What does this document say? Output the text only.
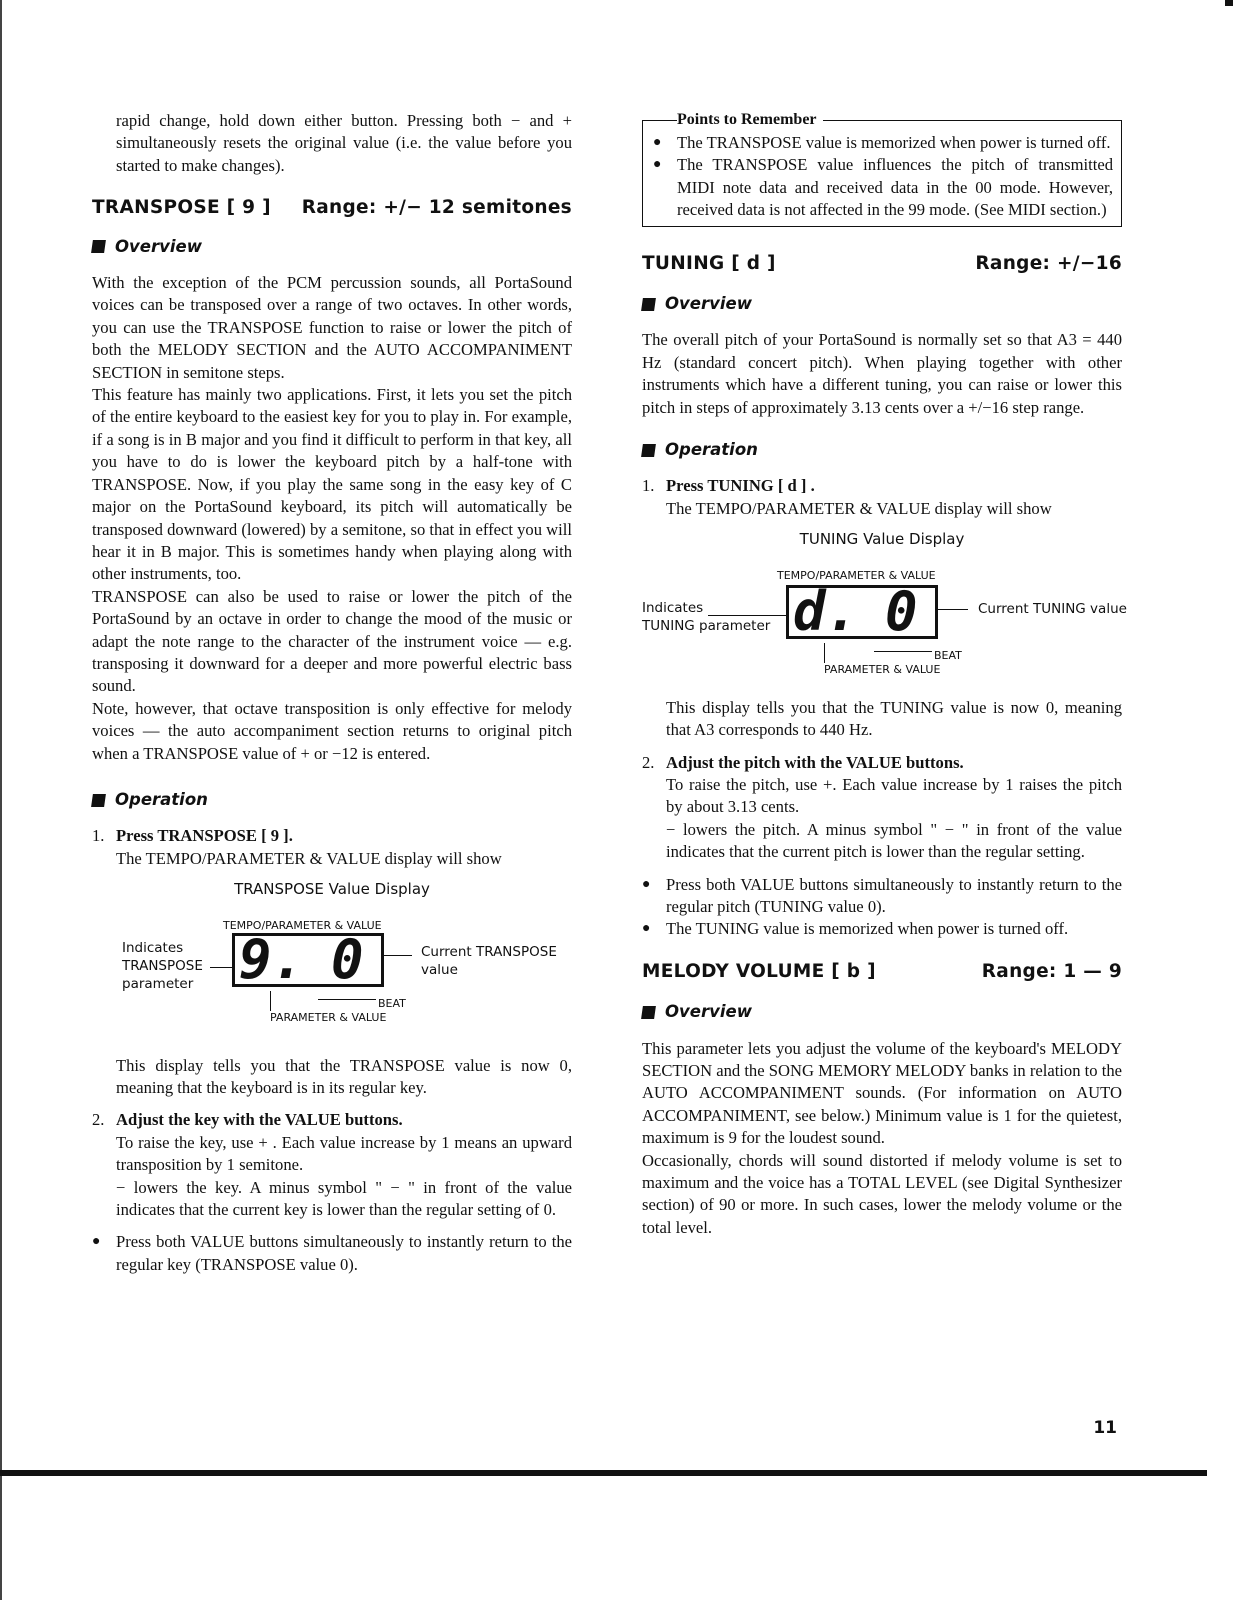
rapid change, hold down either button. Pressing both − and + simultaneously resets the original value (i.e. the value before you started to make changes).

TRANSPOSE [ 9 ] Range: +/− 12 semitones
Overview

With the exception of the PCM percussion sounds, all PortaSound voices can be transposed over a range of two octaves. In other words, you can use the TRANSPOSE function to raise or lower the pitch of both the MELODY SECTION and the AUTO ACCOMPANIMENT SECTION in semitone steps.

This feature has mainly two applications. First, it lets you set the pitch of the entire keyboard to the easiest key for you to play in. For example, if a song is in B major and you find it difficult to perform in that key, all you have to do is lower the keyboard pitch by a half-tone with TRANSPOSE. Now, if you play the same song in the easy key of C major on the PortaSound keyboard, its pitch will automatically be transposed downward (lowered) by a semitone, so that in effect you will hear it in B major. This is sometimes handy when playing along with other instruments, too.

TRANSPOSE can also be used to raise or lower the pitch of the PortaSound by an octave in order to change the mood of the music or adapt the note range to the character of the instrument voice — e.g. transposing it downward for a deeper and more powerful electric bass sound.

Note, however, that octave transposition is only effective for melody voices — the auto accompaniment section returns to original pitch when a TRANSPOSE value of + or −12 is entered.

Operation
1. Press TRANSPOSE [ 9 ].
The TEMPO/PARAMETER & VALUE display will show
TRANSPOSE Value Display
TEMPO/PARAMETER & VALUE
Indicates
TRANSPOSE
parameter 9. 0	Current TRANSPOSE
value
BEAT
PARAMETER & VALUE

This display tells you that the TRANSPOSE value is now 0, meaning that the keyboard is in its regular key.

2. Adjust the key with the VALUE buttons.
To raise the key, use + . Each value increase by 1 means an upward transposition by 1 semitone.
− lowers the key. A minus symbol " − " in front of the value indicates that the current key is lower than the regular setting of 0.
● Press both VALUE buttons simultaneously to instantly return to the regular key (TRANSPOSE value 0).
Points to Remember
● The TRANSPOSE value is memorized when power is turned off.
● The TRANSPOSE value influences the pitch of transmitted MIDI note data and received data in the 00 mode. However, received data is not affected in the 99 mode. (See MIDI section.)
TUNING [ d ]	Range: +/−16
Overview

The overall pitch of your PortaSound is normally set so that A3 = 440 Hz (standard concert pitch). When playing together with other instruments which have a different tuning, you can raise or lower this pitch in steps of approximately 3.13 cents over a +/−16 step range.

Operation
1. Press TUNING [ d ] .
The TEMPO/PARAMETER & VALUE display will show
TUNING Value Display
TEMPO/PARAMETER & VALUE
Indicates
TUNING parameter d. 0	Current TUNING value
BEAT
PARAMETER & VALUE

This display tells you that the TUNING value is now 0, meaning that A3 corresponds to 440 Hz.

2. Adjust the pitch with the VALUE buttons.
To raise the pitch, use +. Each value increase by 1 raises the pitch by about 3.13 cents.
− lowers the pitch. A minus symbol " − " in front of the value indicates that the current pitch is lower than the regular setting.
● Press both VALUE buttons simultaneously to instantly return to the regular pitch (TUNING value 0).
● The TUNING value is memorized when power is turned off.
MELODY VOLUME [ b ]	Range: 1 — 9
Overview

This parameter lets you adjust the volume of the keyboard's MELODY SECTION and the SONG MEMORY MELODY banks in relation to the AUTO ACCOMPANIMENT sounds. (For information on AUTO ACCOMPANIMENT, see below.) Minimum value is 1 for the quietest, maximum is 9 for the loudest sound.

Occasionally, chords will sound distorted if melody volume is set to maximum and the voice has a TOTAL LEVEL (see Digital Synthesizer section) of 90 or more. In such cases, lower the melody volume or the total level.

11
